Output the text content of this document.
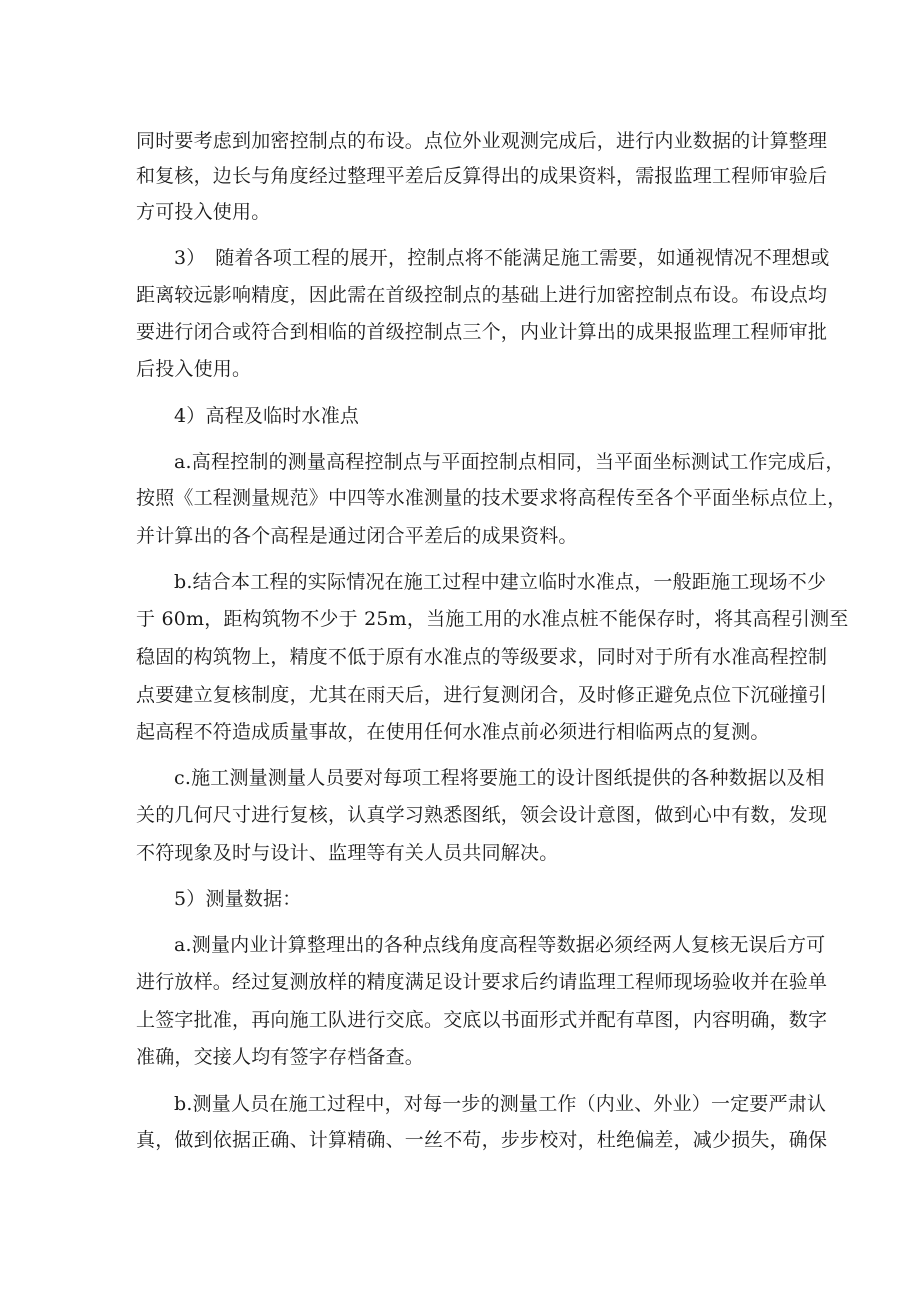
同时要考虑到加密控制点的布设。点位外业观测完成后，进行内业数据的计算整理
和复核，边长与角度经过整理平差后反算得出的成果资料，需报监理工程师审验后
方可投入使用。
3）　随着各项工程的展开，控制点将不能满足施工需要，如通视情况不理想或
距离较远影响精度，因此需在首级控制点的基础上进行加密控制点布设。布设点均
要进行闭合或符合到相临的首级控制点三个，内业计算出的成果报监理工程师审批
后投入使用。
4）高程及临时水准点
a.高程控制的测量高程控制点与平面控制点相同，当平面坐标测试工作完成后，
按照《工程测量规范》中四等水准测量的技术要求将高程传至各个平面坐标点位上，
并计算出的各个高程是通过闭合平差后的成果资料。
b.结合本工程的实际情况在施工过程中建立临时水准点，一般距施工现场不少
于 60m，距构筑物不少于 25m，当施工用的水准点桩不能保存时，将其高程引测至
稳固的构筑物上，精度不低于原有水准点的等级要求，同时对于所有水准高程控制
点要建立复核制度，尤其在雨天后，进行复测闭合，及时修正避免点位下沉碰撞引
起高程不符造成质量事故，在使用任何水准点前必须进行相临两点的复测。
c.施工测量测量人员要对每项工程将要施工的设计图纸提供的各种数据以及相
关的几何尺寸进行复核，认真学习熟悉图纸，领会设计意图，做到心中有数，发现
不符现象及时与设计、监理等有关人员共同解决。
5）测量数据：
a.测量内业计算整理出的各种点线角度高程等数据必须经两人复核无误后方可
进行放样。经过复测放样的精度满足设计要求后约请监理工程师现场验收并在验单
上签字批准，再向施工队进行交底。交底以书面形式并配有草图，内容明确，数字
准确，交接人均有签字存档备查。
b.测量人员在施工过程中，对每一步的测量工作（内业、外业）一定要严肃认
真，做到依据正确、计算精确、一丝不苟，步步校对，杜绝偏差，减少损失，确保
